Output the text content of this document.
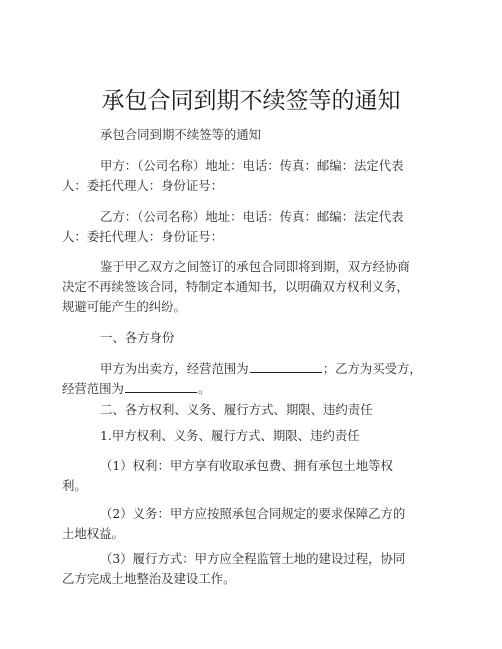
承包合同到期不续签等的通知
承包合同到期不续签等的通知
甲方：（公司名称）地址：电话：传真：邮编：法定代表
人：委托代理人：身份证号：
乙方：（公司名称）地址：电话：传真：邮编：法定代表
人：委托代理人：身份证号：
鉴于甲乙双方之间签订的承包合同即将到期，双方经协商
决定不再续签该合同，特制定本通知书，以明确双方权利义务，
规避可能产生的纠纷。
一、各方身份
甲方为出卖方，经营范围为	；乙方为买受方，
经营范围为	。
二、各方权利、义务、履行方式、期限、违约责任
1.甲方权利、义务、履行方式、期限、违约责任
（1）权利：甲方享有收取承包费、拥有承包土地等权
利。
（2）义务：甲方应按照承包合同规定的要求保障乙方的
土地权益。
（3）履行方式：甲方应全程监管土地的建设过程，协同
乙方完成土地整治及建设工作。
